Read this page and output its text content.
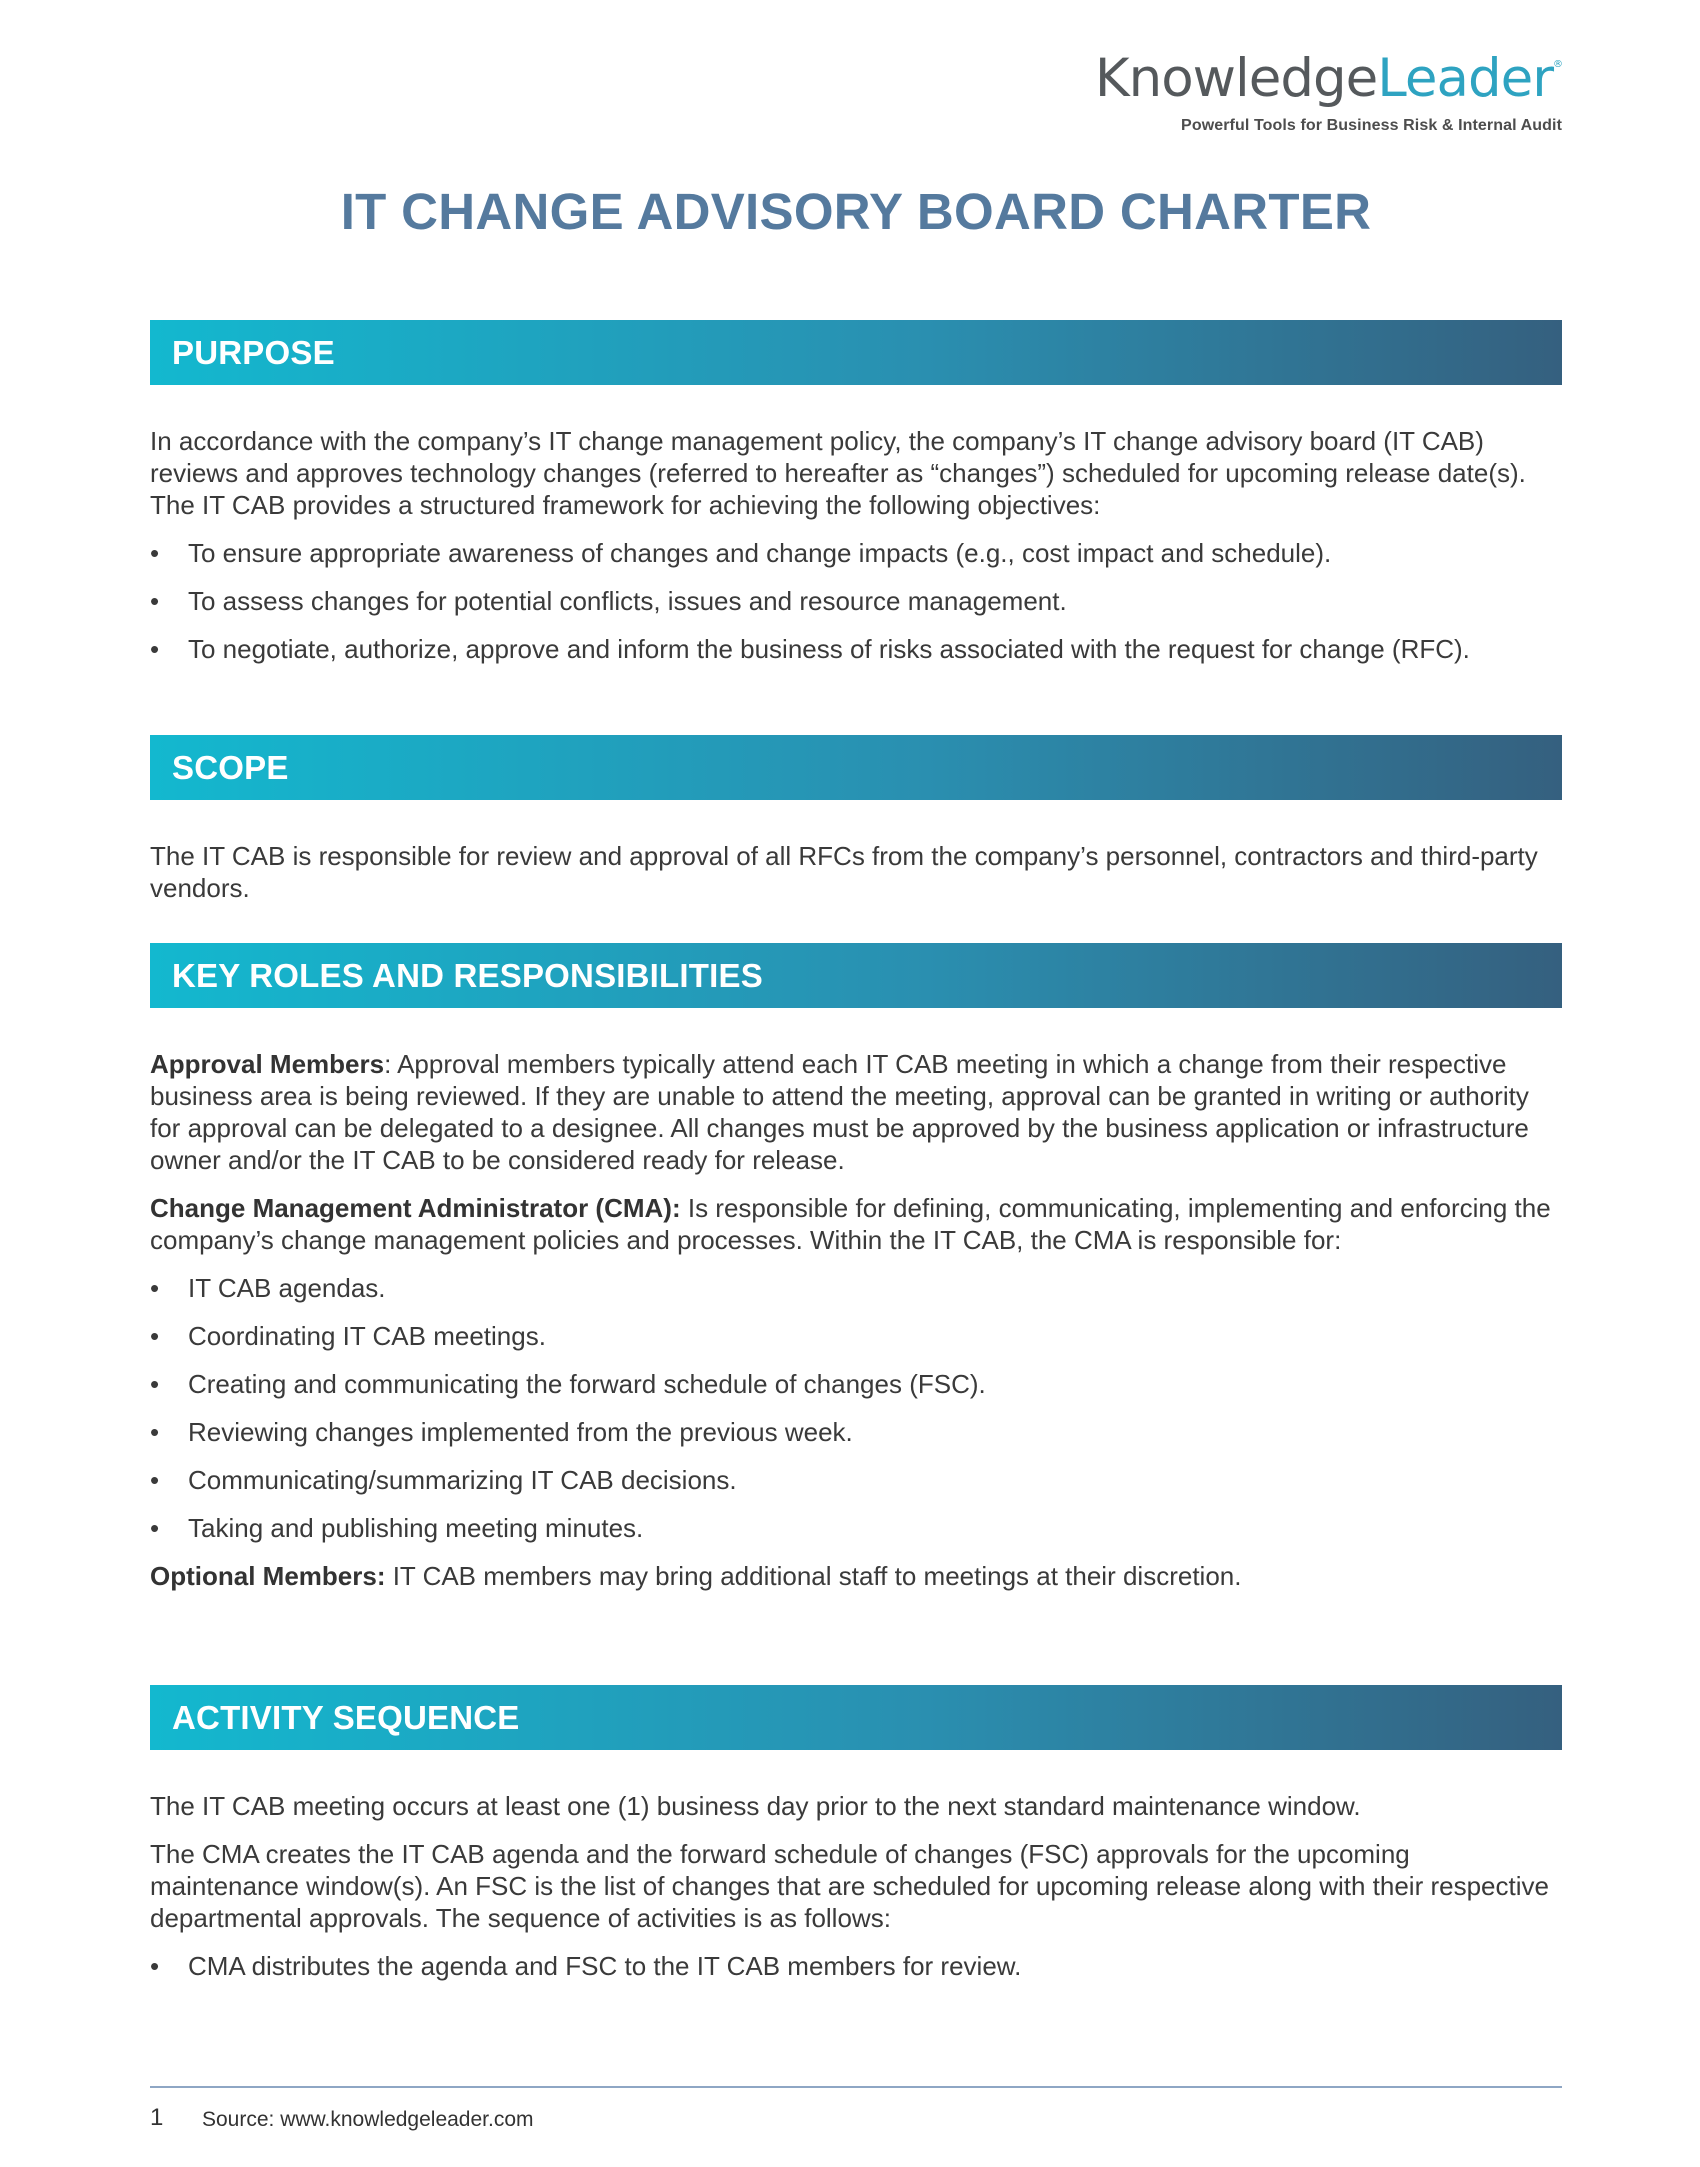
KnowledgeLeader®
Powerful Tools for Business Risk & Internal Audit
IT CHANGE ADVISORY BOARD CHARTER
PURPOSE

In accordance with the company’s IT change management policy, the company’s IT change advisory board (IT CAB) reviews and approves technology changes (referred to hereafter as “changes”) scheduled for upcoming release date(s). The IT CAB provides a structured framework for achieving the following objectives:

• To ensure appropriate awareness of changes and change impacts (e.g., cost impact and schedule).
• To assess changes for potential conflicts, issues and resource management.
• To negotiate, authorize, approve and inform the business of risks associated with the request for change (RFC).
SCOPE

The IT CAB is responsible for review and approval of all RFCs from the company’s personnel, contractors and third-party vendors.

KEY ROLES AND RESPONSIBILITIES

Approval Members: Approval members typically attend each IT CAB meeting in which a change from their respective business area is being reviewed. If they are unable to attend the meeting, approval can be granted in writing or authority for approval can be delegated to a designee. All changes must be approved by the business application or infrastructure owner and/or the IT CAB to be considered ready for release.

Change Management Administrator (CMA): Is responsible for defining, communicating, implementing and enforcing the company’s change management policies and processes. Within the IT CAB, the CMA is responsible for:

• IT CAB agendas.
• Coordinating IT CAB meetings.
• Creating and communicating the forward schedule of changes (FSC).
• Reviewing changes implemented from the previous week.
• Communicating/summarizing IT CAB decisions.
• Taking and publishing meeting minutes.

Optional Members: IT CAB members may bring additional staff to meetings at their discretion.

ACTIVITY SEQUENCE

The IT CAB meeting occurs at least one (1) business day prior to the next standard maintenance window.

The CMA creates the IT CAB agenda and the forward schedule of changes (FSC) approvals for the upcoming maintenance window(s). An FSC is the list of changes that are scheduled for upcoming release along with their respective departmental approvals. The sequence of activities is as follows:

• CMA distributes the agenda and FSC to the IT CAB members for review.
1	Source: www.knowledgeleader.com
